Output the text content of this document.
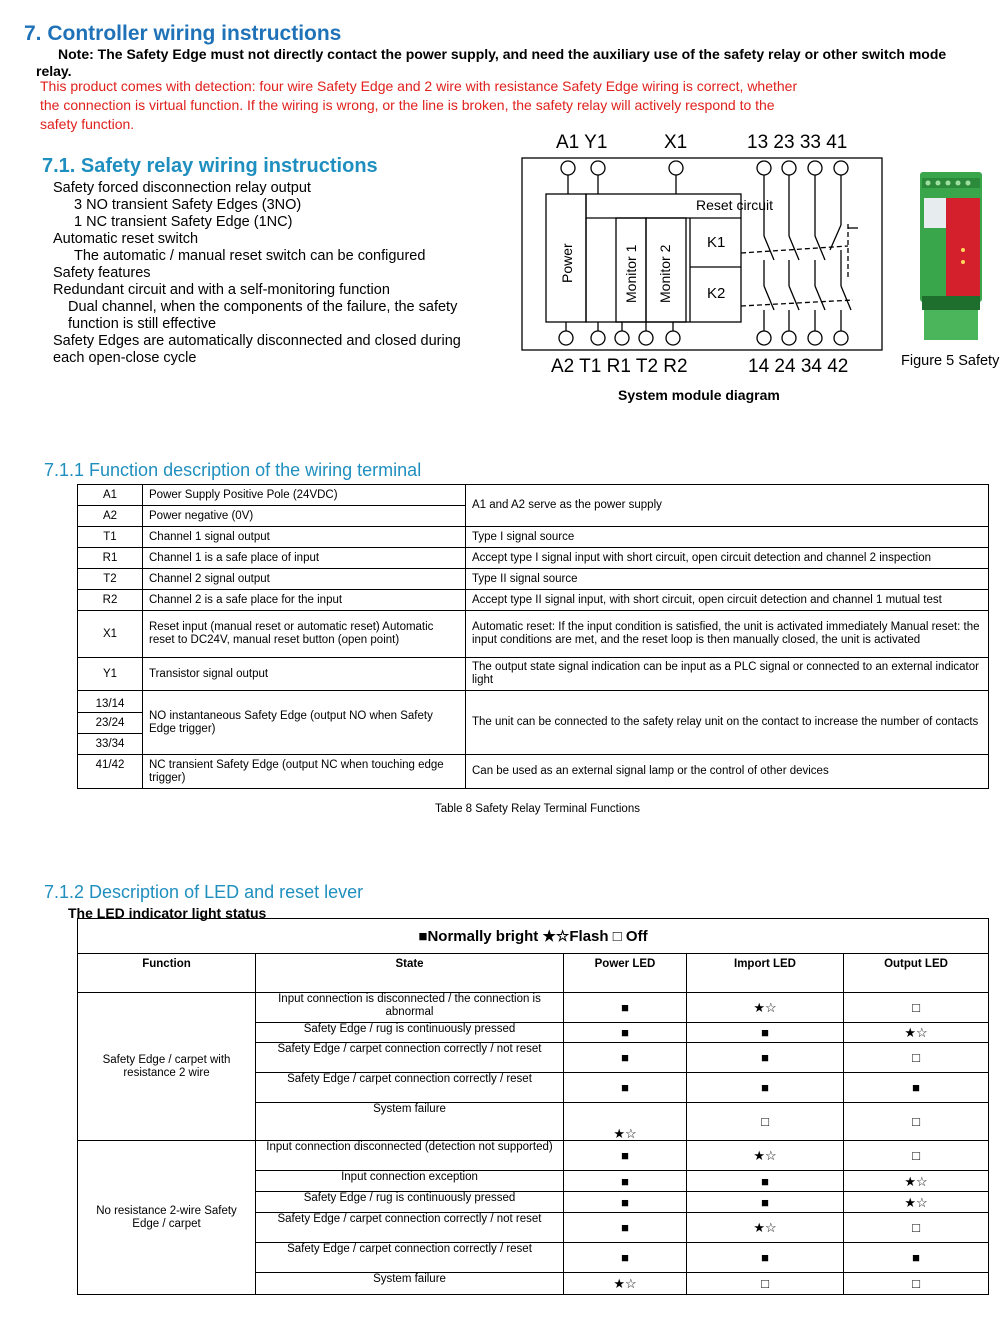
7. Controller wiring instructions
Note: The Safety Edge must not directly contact the power supply, and need the auxiliary use of the safety relay or other switch mode relay.
This product comes with detection: four wire Safety Edge and 2 wire with resistance Safety Edge wiring is correct, whether the connection is virtual function. If the wiring is wrong, or the line is broken, the safety relay will actively respond to the safety function.
7.1. Safety relay wiring instructions
Safety forced disconnection relay output
3 NO transient Safety Edges (3NO)
1 NC transient Safety Edge (1NC)
Automatic reset switch
The automatic / manual reset switch can be configured
Safety features
Redundant circuit and with a self-monitoring function
Dual channel, when the components of the failure, the safety function is still effective
Safety Edges are automatically disconnected and closed during each open-close cycle
A1 Y1	X1	13 23 33 41
A2 T1 R1 T2 R2	14 24 34 42
Reset circuit
K1
K2
Power	Monitor 1 Monitor 2
Figure 5 Safety
System module diagram
7.1.1 Function description of the wiring terminal
A1	Power Supply Positive Pole (24VDC)	A1 and A2 serve as the power supply
A2	Power negative (0V)	
T1	Channel 1 signal output	Type I signal source
R1	Channel 1 is a safe place of input	Accept type I signal input with short circuit, open circuit detection and channel 2 inspection
T2	Channel 2 signal output	Type II signal source
R2	Channel 2 is a safe place for the input	Accept type II signal input, with short circuit, open circuit detection and channel 1 mutual test
X1	Reset input (manual reset or automatic reset) Automatic reset to DC24V, manual reset button (open point)	Automatic reset: If the input condition is satisfied, the unit is activated immediately Manual reset: the input conditions are met, and the reset loop is then manually closed, the unit is activated
Y1	Transistor signal output	The output state signal indication can be input as a PLC signal or connected to an external indicator light
13/14	NO instantaneous Safety Edge (output NO when Safety Edge trigger)	The unit can be connected to the safety relay unit on the contact to increase the number of contacts
23/24		
33/34		
41/42	NC transient Safety Edge (output NC when touching edge trigger)	Can be used as an external signal lamp or the control of other devices
Table 8 Safety Relay Terminal Functions
7.1.2 Description of LED and reset lever
The LED indicator light status
■Normally bright ★☆Flash □ Off				
Function	State	Power LED	Import LED	Output LED
Safety Edge / carpet with resistance 2 wire	Input connection is disconnected / the connection is abnormal	■	★☆	□
	Safety Edge / rug is continuously pressed	■	■	★☆
	Safety Edge / carpet connection correctly / not reset	■	■	□
	Safety Edge / carpet connection correctly / reset	■	■	■
	System failure	★☆	□	□
No resistance 2-wire Safety Edge / carpet	Input connection disconnected (detection not supported)	■	★☆	□
	Input connection exception	■	■	★☆
	Safety Edge / rug is continuously pressed	■	■	★☆
	Safety Edge / carpet connection correctly / not reset	■	★☆	□
	Safety Edge / carpet connection correctly / reset	■	■	■
	System failure	★☆	□	□
